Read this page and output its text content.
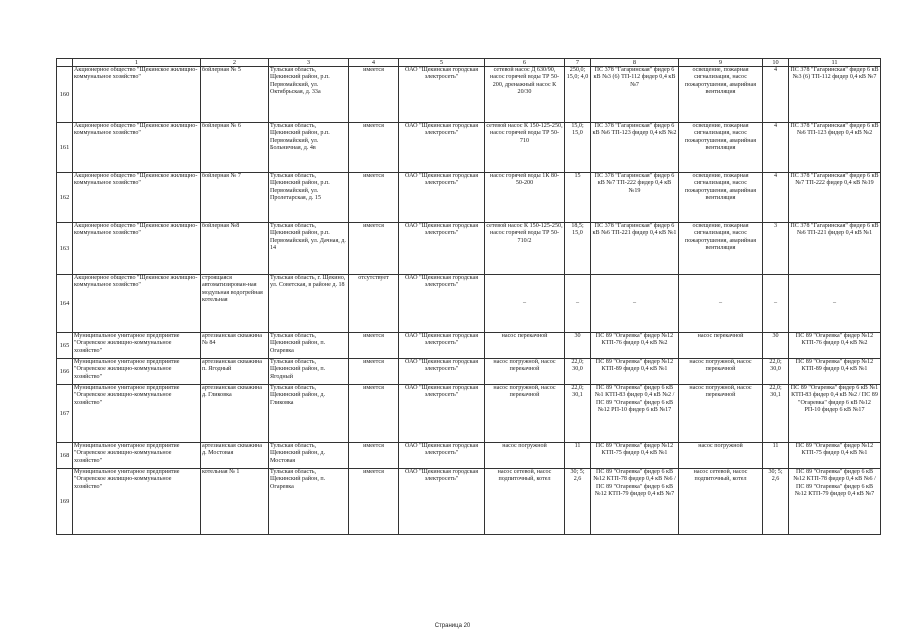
	1	2	3	4	5	6	7	8	9	10	11
160	Акционерное общество "Щекинское жилищно-коммунальное хозяйство"	бойлерная № 5	Тульская область, Щекинский район, р.п. Первомайский, ул. Октябрьская, д. 33а	имеется	ОАО "Щекинская городская электросеть"	сетевой насос Д 630/90, насос горячей воды ТР 50-200, дренажный насос К 20/30	250,0; 15,0; 4,0	ПС 378 "Гагаринская" фидер 6 кВ №3 (6) ТП-112 фидер 0,4 кВ №7	освещение, пожарная сигнализация, насос пожаротушения, аварийная вентиляция	4	ПС 378 "Гагаринская" фидер 6 кВ №3 (6) ТП-112 фидер 0,4 кВ №7
161	Акционерное общество "Щекинское жилищно-коммунальное хозяйство"	бойлерная № 6	Тульская область, Щекинский район, р.п. Первомайский, ул. Больничная, д. 4в	имеется	ОАО "Щекинская городская электросеть"	сетевой насос К 150-125-250, насос горячей воды ТР 50-710	15,0; 15,0	ПС 378 "Гагаринская" фидер 6 кВ №6 ТП-123 фидер 0,4 кВ №2	освещение, пожарная сигнализация, насос пожаротушения, аварийная вентиляция	4	ПС 378 "Гагаринская" фидер 6 кВ №6 ТП-123 фидер 0,4 кВ №2
162	Акционерное общество "Щекинское жилищно-коммунальное хозяйство"	бойлерная № 7	Тульская область, Щекинский район, р.п. Первомайский, ул. Пролетарская, д. 15	имеется	ОАО "Щекинская городская электросеть"	насос горячей воды 1К 80-50-200	15	ПС 378 "Гагаринская" фидер 6 кВ №7 ТП-222 фидер 0,4 кВ №19	освещение, пожарная сигнализация, насос пожаротушения, аварийная вентиляция	4	ПС 378 "Гагаринская" фидер 6 кВ №7 ТП-222 фидер 0,4 кВ №19
163	Акционерное общество "Щекинское жилищно-коммунальное хозяйство"	бойлерная №8	Тульская область, Щекинский район, р.п. Первомайский, ул. Дачная, д. 14	имеется	ОАО "Щекинская городская электросеть"	сетевой насос К 150-125-250, насос горячей воды ТР 50-710/2	18,5; 15,0	ПС 378 "Гагаринская" фидер 6 кВ №6 ТП-221 фидер 0,4 кВ №1	освещение, пожарная сигнализация, насос пожаротушения, аварийная вентиляция	3	ПС 378 "Гагаринская" фидер 6 кВ №6 ТП-221 фидер 0,4 кВ №1
164	Акционерное общество "Щекинское жилищно-коммунальное хозяйство"	строящаяся автоматизирован-ная модульная водогрейная котельная	Тульская область, г. Щекино, ул. Советская, в районе д. 18	отсутствует	ОАО "Щекинская городская электросеть"	–	–	–	–	–	–
165	Муниципальное унитарное предприятие "Огаревское жилищно-коммунальное хозяйство"	артезианская скважина № 84	Тульская область, Щекинский район, п. Огаревка	имеется	ОАО "Щекинская городская электросеть"	насос перекачной	30	ПС 89 "Огаревка" фидер №12 КТП-76 фидер 0,4 кВ №2	насос перекачной	30	ПС 89 "Огаревка" фидер №12 КТП-76 фидер 0,4 кВ №2
166	Муниципальное унитарное предприятие "Огаревское жилищно-коммунальное хозяйство"	артезианская скважина п. Ягодный	Тульская область, Щекинский район, п. Ягодный	имеется	ОАО "Щекинская городская электросеть"	насос погружной, насос перекачной	22,0; 30,0	ПС 89 "Огаревка" фидер №12 КТП-89 фидер 0,4 кВ №1	насос погружной, насос перекачной	22,0; 30,0	ПС 89 "Огаревка" фидер №12 КТП-89 фидер 0,4 кВ №1
167	Муниципальное унитарное предприятие "Огаревское жилищно-коммунальное хозяйство"	артезианская скважина д. Гликовка	Тульская область, Щекинский район, д. Гликовка	имеется	ОАО "Щекинская городская электросеть"	насос погружной, насос перекачной	22,0; 30,1	ПС 89 "Огаревка" фидер 6 кВ №1 КТП-83 фидер 0,4 кВ №2 / ПС 89 "Огаревка" фидер 6 кВ №12 РП-10 фидер 6 кВ №17	насос погружной, насос перекачной	22,0; 30,1	ПС 89 "Огаревка" фидер 6 кВ №1 КТП-83 фидер 0,4 кВ №2 / ПС 89 "Огаревка" фидер 6 кВ №12 РП-10 фидер 6 кВ №17
168	Муниципальное унитарное предприятие "Огаревское жилищно-коммунальное хозяйство"	артезианская скважина д. Мостовая	Тульская область, Щекинский район, д. Мостовая	имеется	ОАО "Щекинская городская электросеть"	насос погружной	11	ПС 89 "Огаревка" фидер №12 КТП-75 фидер 0,4 кВ №1	насос погружной	11	ПС 89 "Огаревка" фидер №12 КТП-75 фидер 0,4 кВ №1
169	Муниципальное унитарное предприятие "Огаревское жилищно-коммунальное хозяйство"	котельная № 1	Тульская область, Щекинский район, п. Огаревка	имеется	ОАО "Щекинская городская электросеть"	насос сетевой, насос подпиточный, котел	30; 5; 2,6	ПС 89 "Огаревка" фидер 6 кВ №12 КТП-78 фидер 0,4 кВ №6 / ПС 89 "Огаревка" фидер 6 кВ №12 КТП-79 фидер 0,4 кВ №7	насос сетевой, насос подпиточный, котел	30; 5; 2,6	ПС 89 "Огаревка" фидер 6 кВ №12 КТП-78 фидер 0,4 кВ №6 / ПС 89 "Огаревка" фидер 6 кВ №12 КТП-79 фидер 0,4 кВ №7
Страница 20
